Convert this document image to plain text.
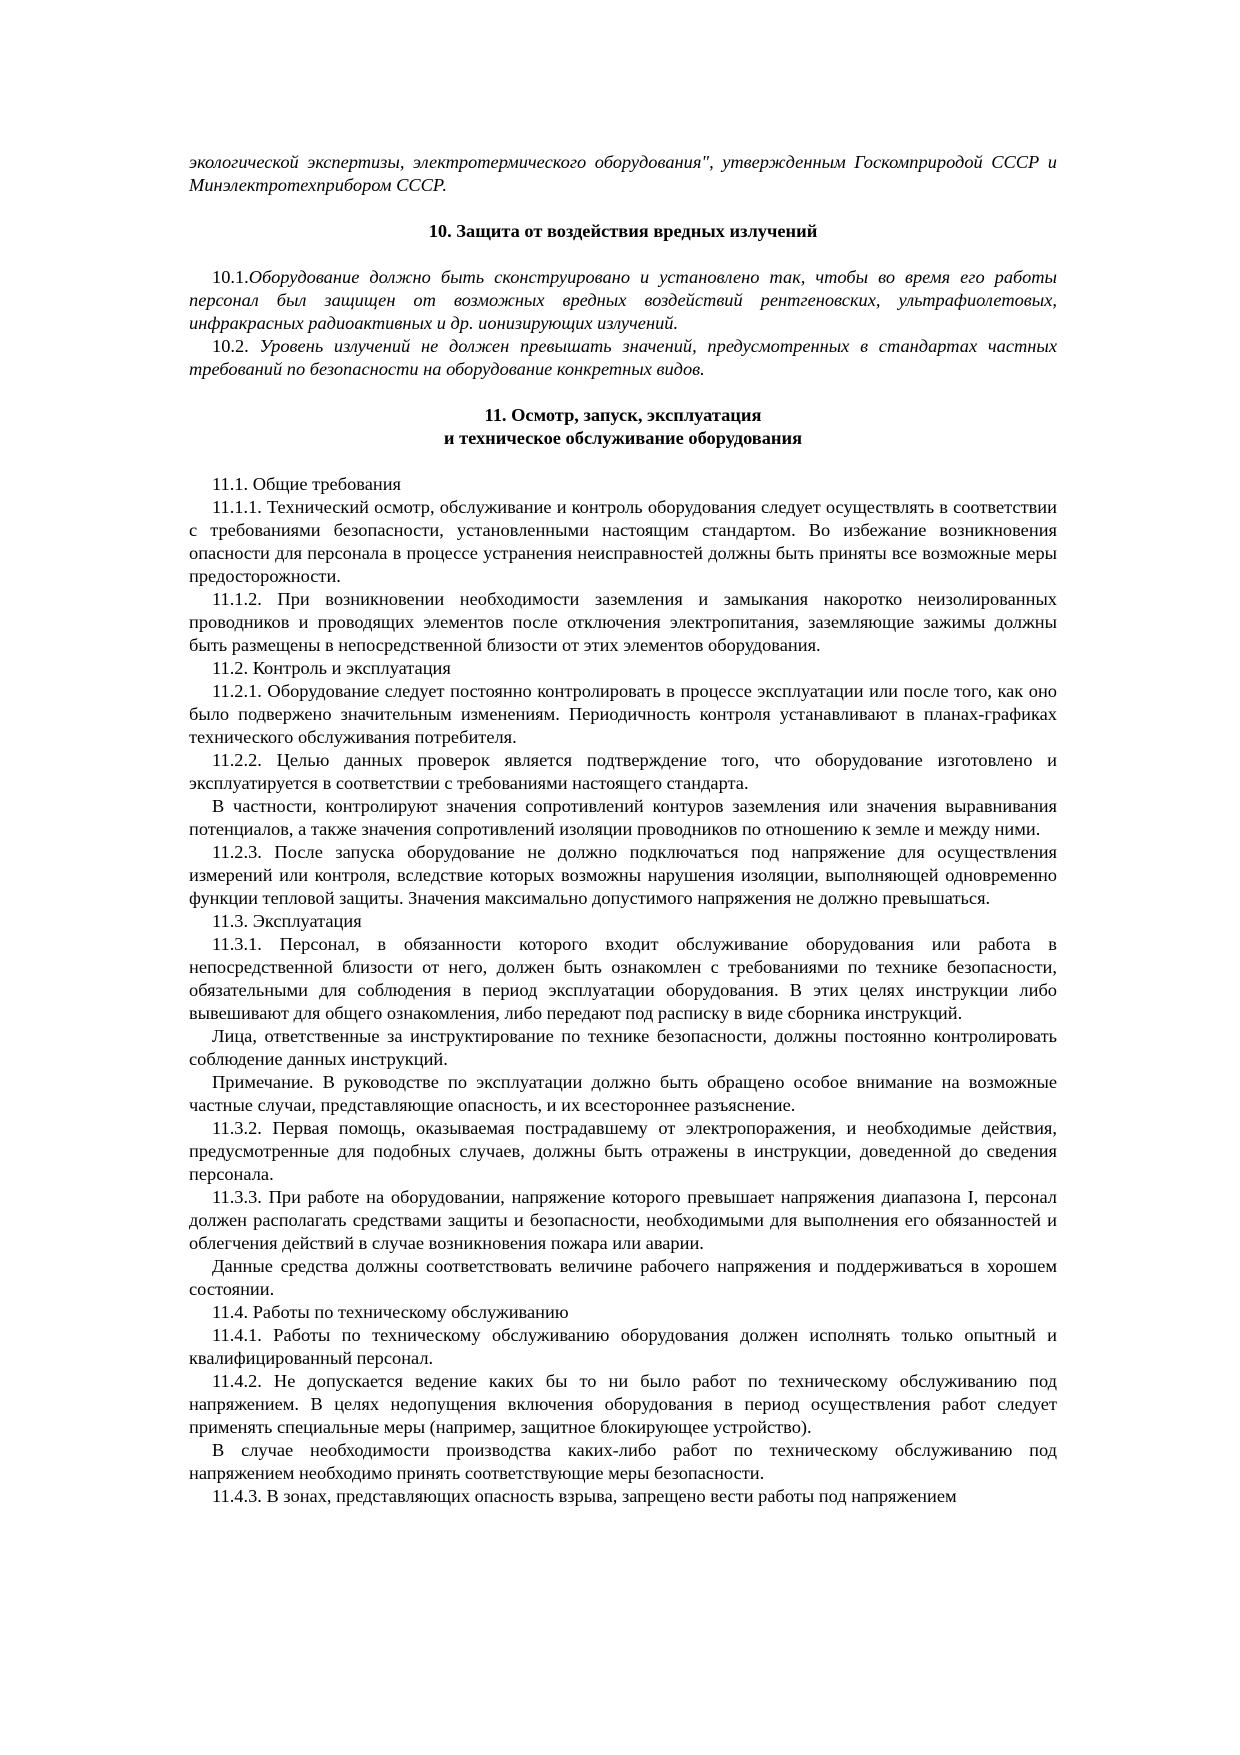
экологической экспертизы, электротермического оборудования", утвержденным Госкомприродой СССР и Минэлектротехприбором СССР.

10. Защита от воздействия вредных излучений

10.1.Оборудование должно быть сконструировано и установлено так, чтобы во время его работы персонал был защищен от возможных вредных воздействий рентгеновских, ультрафиолетовых, инфракрасных радиоактивных и др. ионизирующих излучений.

10.2. Уровень излучений не должен превышать значений, предусмотренных в стандартах частных требований по безопасности на оборудование конкретных видов.

11. Осмотр, запуск, эксплуатация

и техническое обслуживание оборудования

11.1. Общие требования

11.1.1. Технический осмотр, обслуживание и контроль оборудования следует осуществлять в соответствии с требованиями безопасности, установленными настоящим стандартом. Во избежание возникновения опасности для персонала в процессе устранения неисправностей должны быть приняты все возможные меры предосторожности.

11.1.2. При возникновении необходимости заземления и замыкания накоротко неизолированных проводников и проводящих элементов после отключения электропитания, заземляющие зажимы должны быть размещены в непосредственной близости от этих элементов оборудования.

11.2. Контроль и эксплуатация

11.2.1. Оборудование следует постоянно контролировать в процессе эксплуатации или после того, как оно было подвержено значительным изменениям. Периодичность контроля устанавливают в планах-графиках технического обслуживания потребителя.

11.2.2. Целью данных проверок является подтверждение того, что оборудование изготовлено и эксплуатируется в соответствии с требованиями настоящего стандарта.

В частности, контролируют значения сопротивлений контуров заземления или значения выравнивания потенциалов, а также значения сопротивлений изоляции проводников по отношению к земле и между ними.

11.2.3. После запуска оборудование не должно подключаться под напряжение для осуществления измерений или контроля, вследствие которых возможны нарушения изоляции, выполняющей одновременно функции тепловой защиты. Значения максимально допустимого напряжения не должно превышаться.

11.3. Эксплуатация

11.3.1. Персонал, в обязанности которого входит обслуживание оборудования или работа в непосредственной близости от него, должен быть ознакомлен с требованиями по технике безопасности, обязательными для соблюдения в период эксплуатации оборудования. В этих целях инструкции либо вывешивают для общего ознакомления, либо передают под расписку в виде сборника инструкций.

Лица, ответственные за инструктирование по технике безопасности, должны постоянно контролировать соблюдение данных инструкций.

Примечание. В руководстве по эксплуатации должно быть обращено особое внимание на возможные частные случаи, представляющие опасность, и их всестороннее разъяснение.

11.3.2. Первая помощь, оказываемая пострадавшему от электропоражения, и необходимые действия, предусмотренные для подобных случаев, должны быть отражены в инструкции, доведенной до сведения персонала.

11.3.3. При работе на оборудовании, напряжение которого превышает напряжения диапазона I, персонал должен располагать средствами защиты и безопасности, необходимыми для выполнения его обязанностей и облегчения действий в случае возникновения пожара или аварии.

Данные средства должны соответствовать величине рабочего напряжения и поддерживаться в хорошем состоянии.

11.4. Работы по техническому обслуживанию

11.4.1. Работы по техническому обслуживанию оборудования должен исполнять только опытный и квалифицированный персонал.

11.4.2. Не допускается ведение каких бы то ни было работ по техническому обслуживанию под напряжением. В целях недопущения включения оборудования в период осуществления работ следует применять специальные меры (например, защитное блокирующее устройство).

В случае необходимости производства каких-либо работ по техническому обслуживанию под напряжением необходимо принять соответствующие меры безопасности.

11.4.3. В зонах, представляющих опасность взрыва, запрещено вести работы под напряжением
